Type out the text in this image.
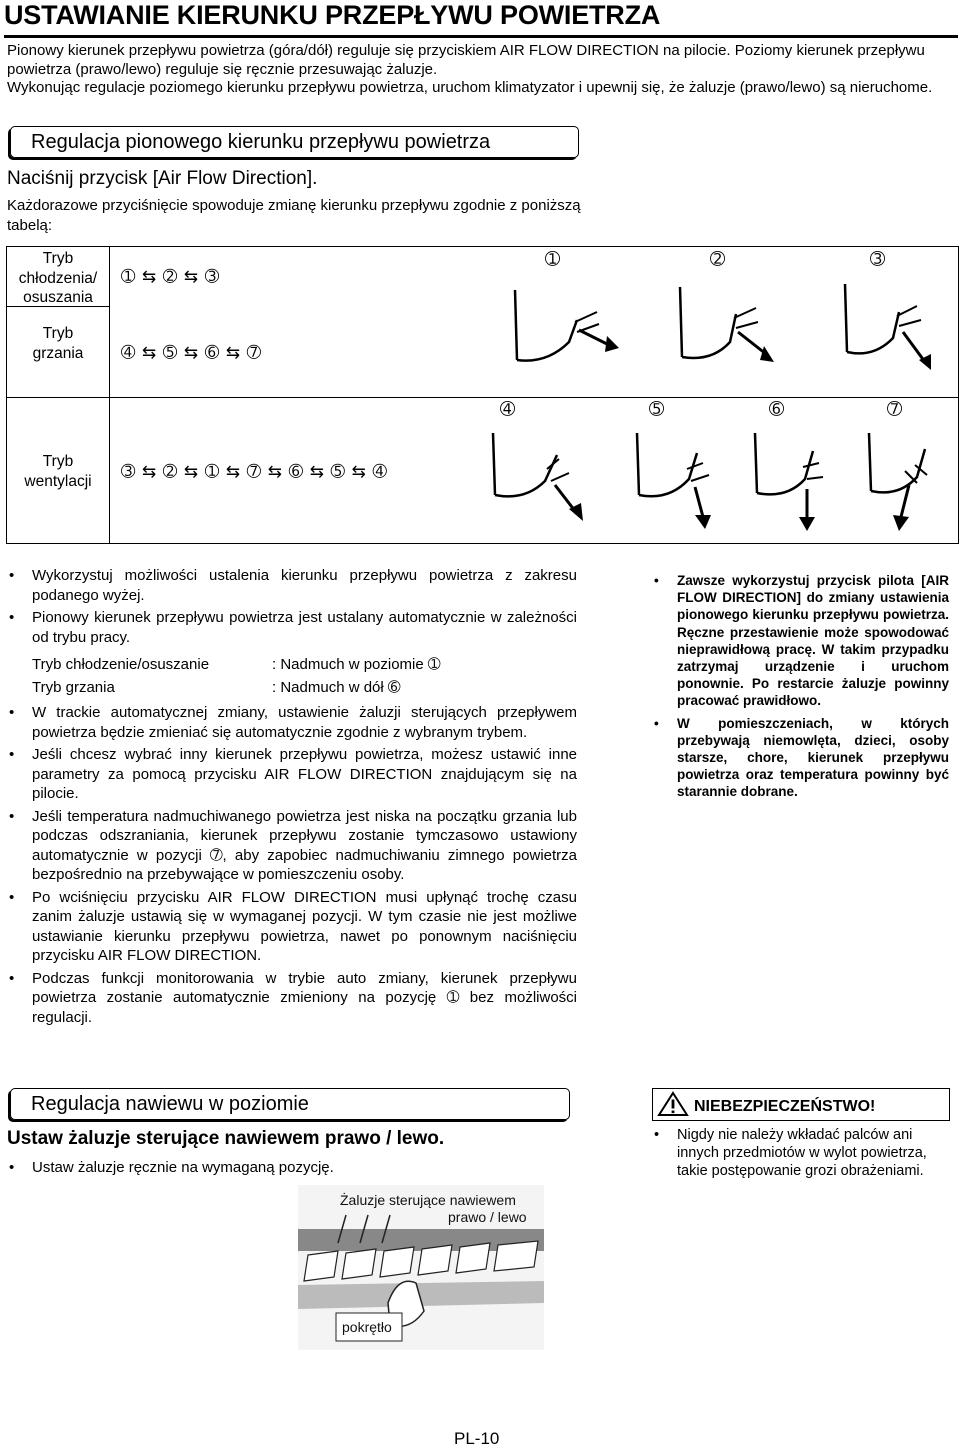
USTAWIANIE KIERUNKU PRZEPŁYWU POWIETRZA

Pionowy kierunek przepływu powietrza (góra/dół) reguluje się przyciskiem AIR FLOW DIRECTION na pilocie. Poziomy kierunek przepływu powietrza (prawo/lewo) reguluje się ręcznie przesuwając żaluzje.

Wykonując regulacje poziomego kierunku przepływu powietrza, uruchom klimatyzator i upewnij się, że żaluzje (prawo/lewo) są nieruchome.

Regulacja pionowego kierunku przepływu powietrza
Naciśnij przycisk [Air Flow Direction].
Każdorazowe przyciśnięcie spowoduje zmianę kierunku przepływu zgodnie z poniższą tabelą:
Tryb
chłodzenia/
osuszania
➀ ⇆ ➁ ⇆ ➂
Tryb
grzania	➃ ⇆ ➄ ⇆ ➅ ⇆ ➆
Tryb
wentylacji	➂ ⇆ ➁ ⇆ ➀ ⇆ ➆ ⇆ ➅ ⇆ ➄ ⇆ ➃
➀	➁	➂
➃	➄	➅	➆
• Wykorzystuj możliwości ustalenia kierunku przepływu powietrza z zakresu podanego wyżej.
• Pionowy kierunek przepływu powietrza jest ustalany automatycznie w zależności od trybu pracy.
Tryb chłodzenie/osuszanie	: Nadmuch w poziomie ➀
Tryb grzania	: Nadmuch w dół ➅
• W trackie automatycznej zmiany, ustawienie żaluzji sterujących przepływem powietrza będzie zmieniać się automatycznie zgodnie z wybranym trybem.
• Jeśli chcesz wybrać inny kierunek przepływu powietrza, możesz ustawić inne parametry za pomocą przycisku AIR FLOW DIRECTION znajdującym się na pilocie.
• Jeśli temperatura nadmuchiwanego powietrza jest niska na początku grzania lub podczas odszraniania, kierunek przepływu zostanie tymczasowo ustawiony automatycznie w pozycji ➆, aby zapobiec nadmuchiwaniu zimnego powietrza bezpośrednio na przebywające w pomieszczeniu osoby.
• Po wciśnięciu przycisku AIR FLOW DIRECTION musi upłynąć trochę czasu zanim żaluzje ustawią się w wymaganej pozycji. W tym czasie nie jest możliwe ustawianie kierunku przepływu powietrza, nawet po ponownym naciśnięciu przycisku AIR FLOW DIRECTION.
• Podczas funkcji monitorowania w trybie auto zmiany, kierunek przepływu powietrza zostanie automatycznie zmieniony na pozycję ➀ bez możliwości regulacji.
• Zawsze wykorzystuj przycisk pilota [AIR FLOW DIRECTION] do zmiany ustawienia pionowego kierunku przepływu powietrza. Ręczne przestawienie może spowodować nieprawidłową pracę. W takim przypadku zatrzymaj urządzenie i uruchom ponownie. Po restarcie żaluzje powinny pracować prawidłowo.
• W pomieszczeniach, w których przebywają niemowlęta, dzieci, osoby starsze, chore, kierunek przepływu powietrza oraz temperatura powinny być starannie dobrane.
Regulacja nawiewu w poziomie
Ustaw żaluzje sterujące nawiewem prawo / lewo.
• Ustaw żaluzje ręcznie na wymaganą pozycję.
Żaluzje sterujące nawiewem
prawo / lewo
pokrętło
NIEBEZPIECZEŃSTWO!
• Nigdy nie należy wkładać palców ani innych przedmiotów w wylot powietrza, takie postępowanie grozi obrażeniami.
PL-10
